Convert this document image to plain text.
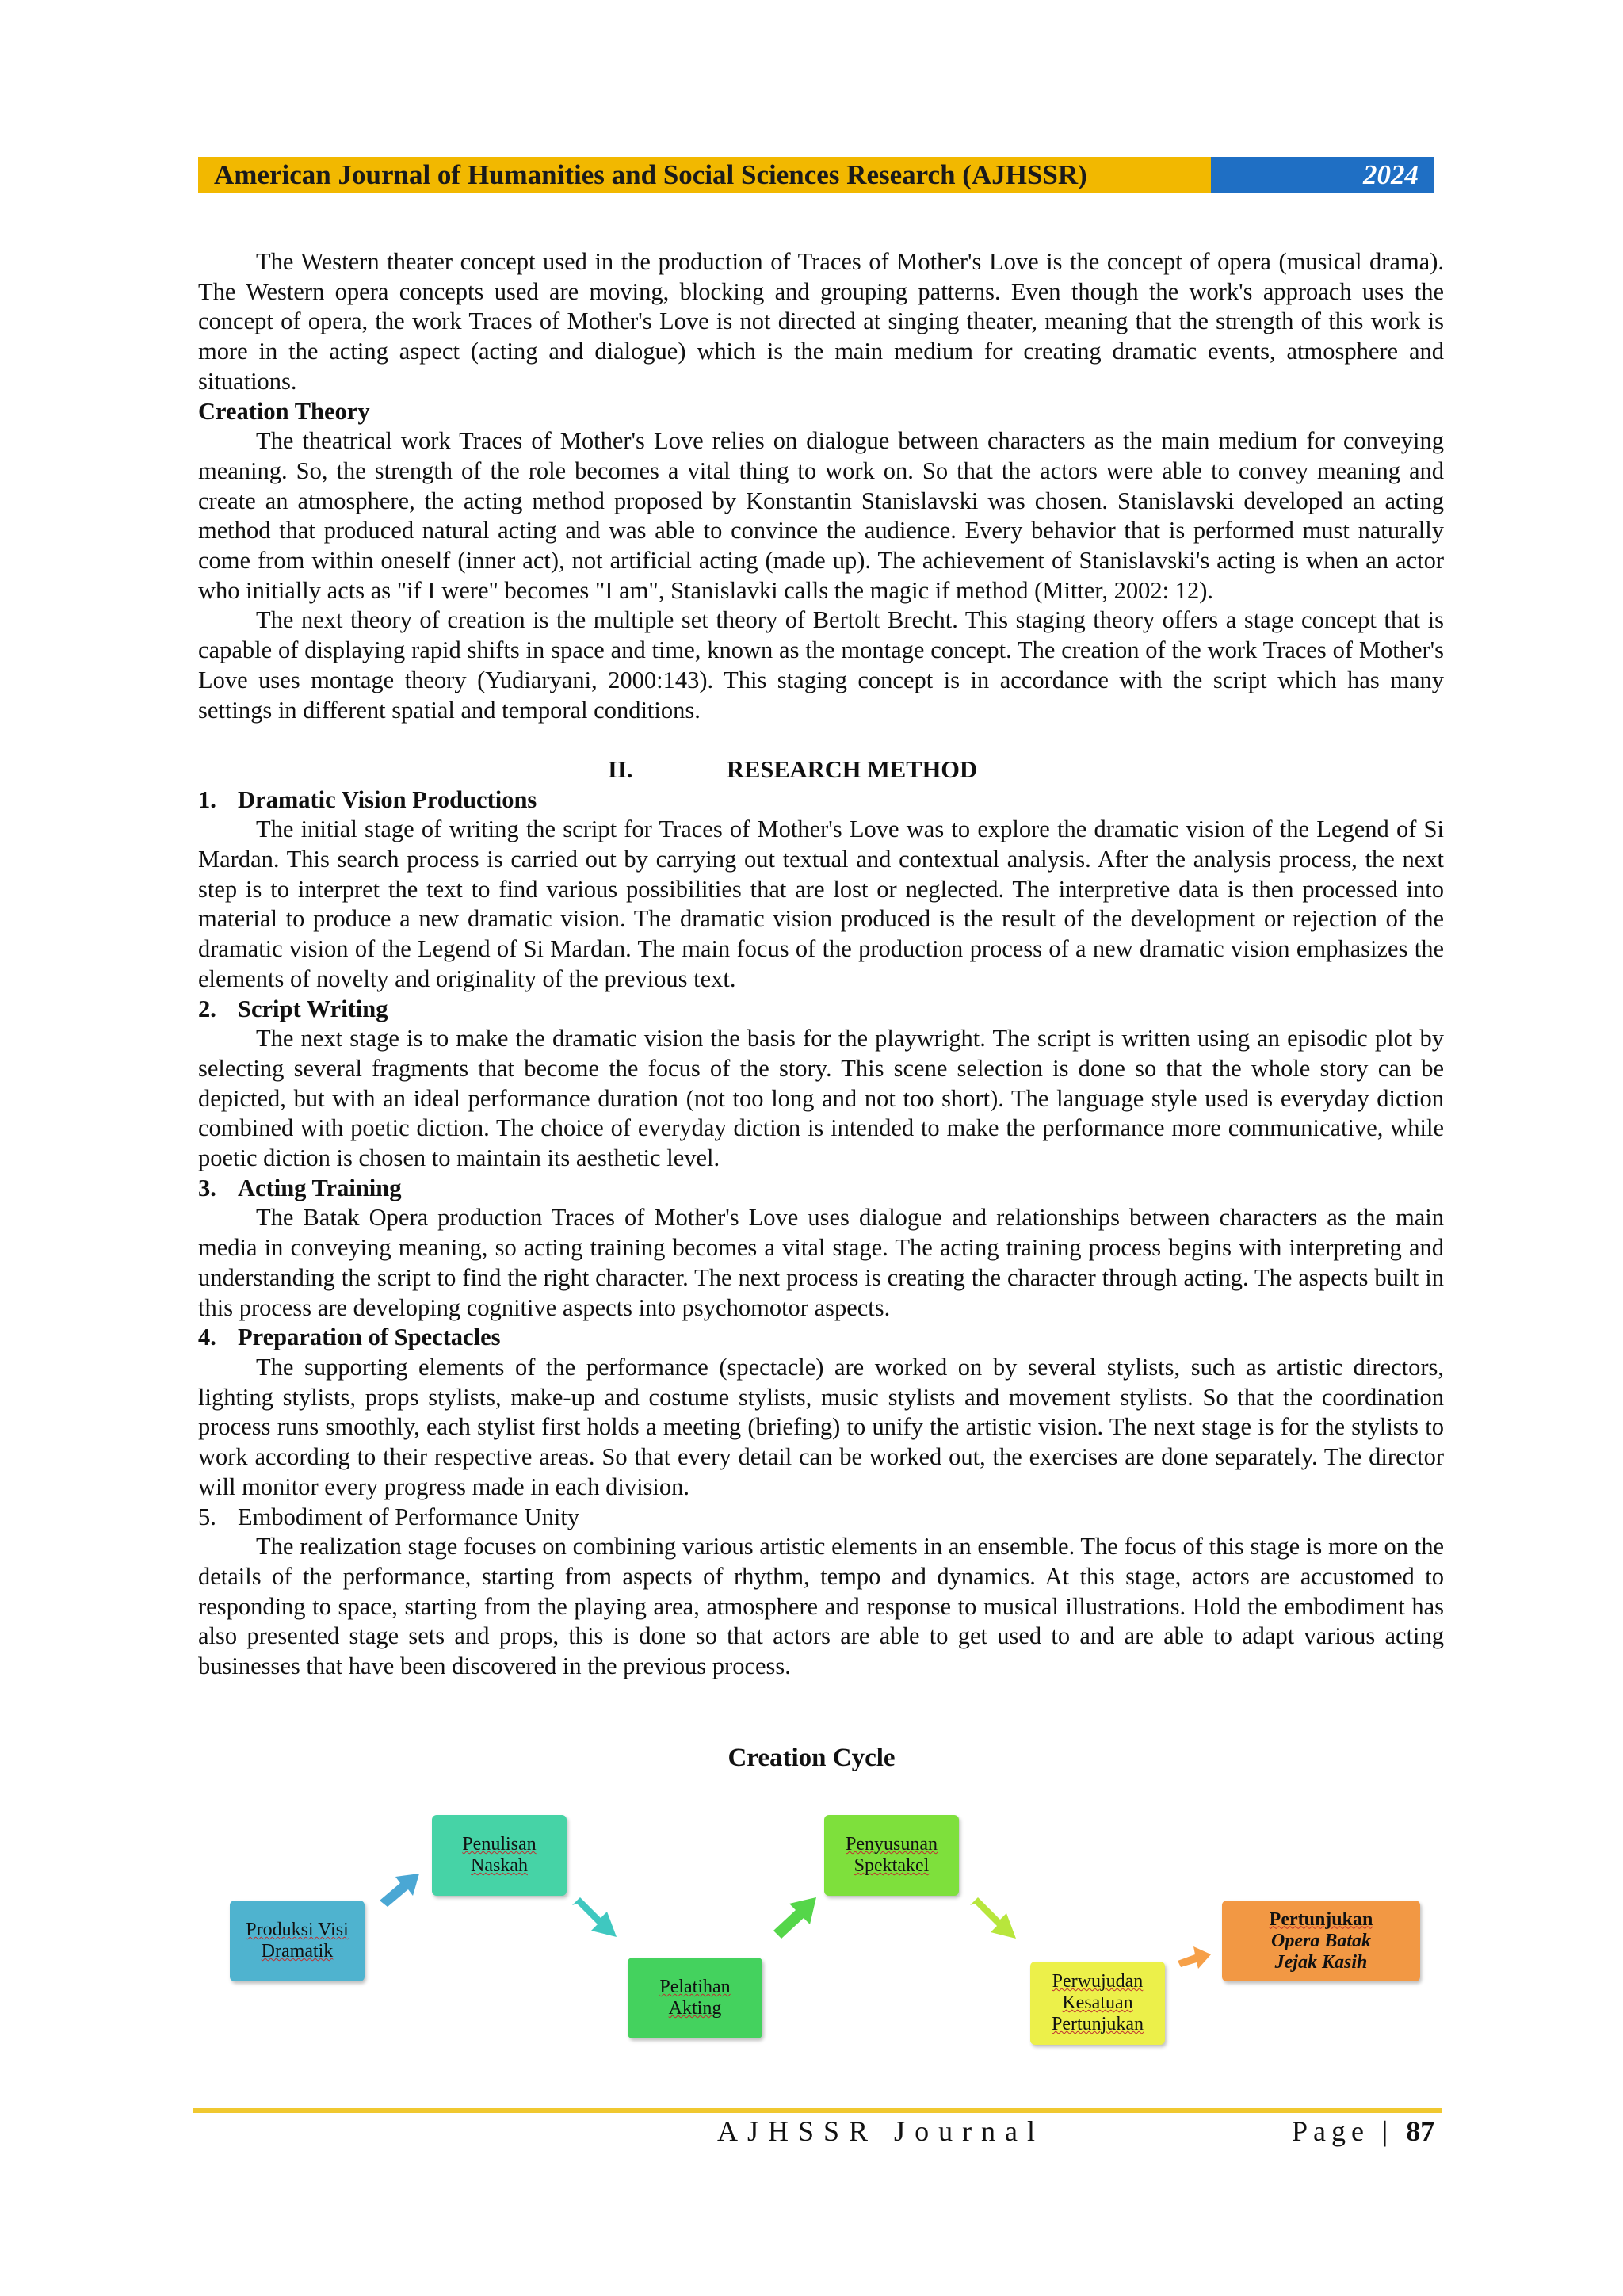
American Journal of Humanities and Social Sciences Research (AJHSSR)	2024

The Western theater concept used in the production of Traces of Mother's Love is the concept of opera (musical drama). The Western opera concepts used are moving, blocking and grouping patterns. Even though the work's approach uses the concept of opera, the work Traces of Mother's Love is not directed at singing theater, meaning that the strength of this work is more in the acting aspect (acting and dialogue) which is the main medium for creating dramatic events, atmosphere and situations.

Creation Theory

The theatrical work Traces of Mother's Love relies on dialogue between characters as the main medium for conveying meaning. So, the strength of the role becomes a vital thing to work on. So that the actors were able to convey meaning and create an atmosphere, the acting method proposed by Konstantin Stanislavski was chosen. Stanislavski developed an acting method that produced natural acting and was able to convince the audience. Every behavior that is performed must naturally come from within oneself (inner act), not artificial acting (made up). The achievement of Stanislavski's acting is when an actor who initially acts as "if I were" becomes "I am", Stanislavki calls the magic if method (Mitter, 2002: 12).

The next theory of creation is the multiple set theory of Bertolt Brecht. This staging theory offers a stage concept that is capable of displaying rapid shifts in space and time, known as the montage concept. The creation of the work Traces of Mother's Love uses montage theory (Yudiaryani, 2000:143). This staging concept is in accordance with the script which has many settings in different spatial and temporal conditions.

II.	RESEARCH METHOD
1. Dramatic Vision Productions

The initial stage of writing the script for Traces of Mother's Love was to explore the dramatic vision of the Legend of Si Mardan. This search process is carried out by carrying out textual and contextual analysis. After the analysis process, the next step is to interpret the text to find various possibilities that are lost or neglected. The interpretive data is then processed into material to produce a new dramatic vision. The dramatic vision produced is the result of the development or rejection of the dramatic vision of the Legend of Si Mardan. The main focus of the production process of a new dramatic vision emphasizes the elements of novelty and originality of the previous text.

2. Script Writing

The next stage is to make the dramatic vision the basis for the playwright. The script is written using an episodic plot by selecting several fragments that become the focus of the story. This scene selection is done so that the whole story can be depicted, but with an ideal performance duration (not too long and not too short). The language style used is everyday diction combined with poetic diction. The choice of everyday diction is intended to make the performance more communicative, while poetic diction is chosen to maintain its aesthetic level.

3. Acting Training

The Batak Opera production Traces of Mother's Love uses dialogue and relationships between characters as the main media in conveying meaning, so acting training becomes a vital stage. The acting training process begins with interpreting and understanding the script to find the right character. The next process is creating the character through acting. The aspects built in this process are developing cognitive aspects into psychomotor aspects.

4. Preparation of Spectacles

The supporting elements of the performance (spectacle) are worked on by several stylists, such as artistic directors, lighting stylists, props stylists, make-up and costume stylists, music stylists and movement stylists. So that the coordination process runs smoothly, each stylist first holds a meeting (briefing) to unify the artistic vision. The next stage is for the stylists to work according to their respective areas. So that every detail can be worked out, the exercises are done separately. The director will monitor every progress made in each division.

5. Embodiment of Performance Unity

The realization stage focuses on combining various artistic elements in an ensemble. The focus of this stage is more on the details of the performance, starting from aspects of rhythm, tempo and dynamics. At this stage, actors are accustomed to responding to space, starting from the playing area, atmosphere and response to musical illustrations. Hold the embodiment has also presented stage sets and props, this is done so that actors are able to get used to and are able to adapt various acting businesses that have been discovered in the previous process.

Creation Cycle
Produksi Visi
Dramatik
Penulisan
Naskah
Pelatihan
Akting
Penyusunan
Spektakel
Perwujudan
Kesatuan
Pertunjukan
Pertunjukan
Opera Batak
Jejak Kasih
AJHSSR Journal	Page | 87
